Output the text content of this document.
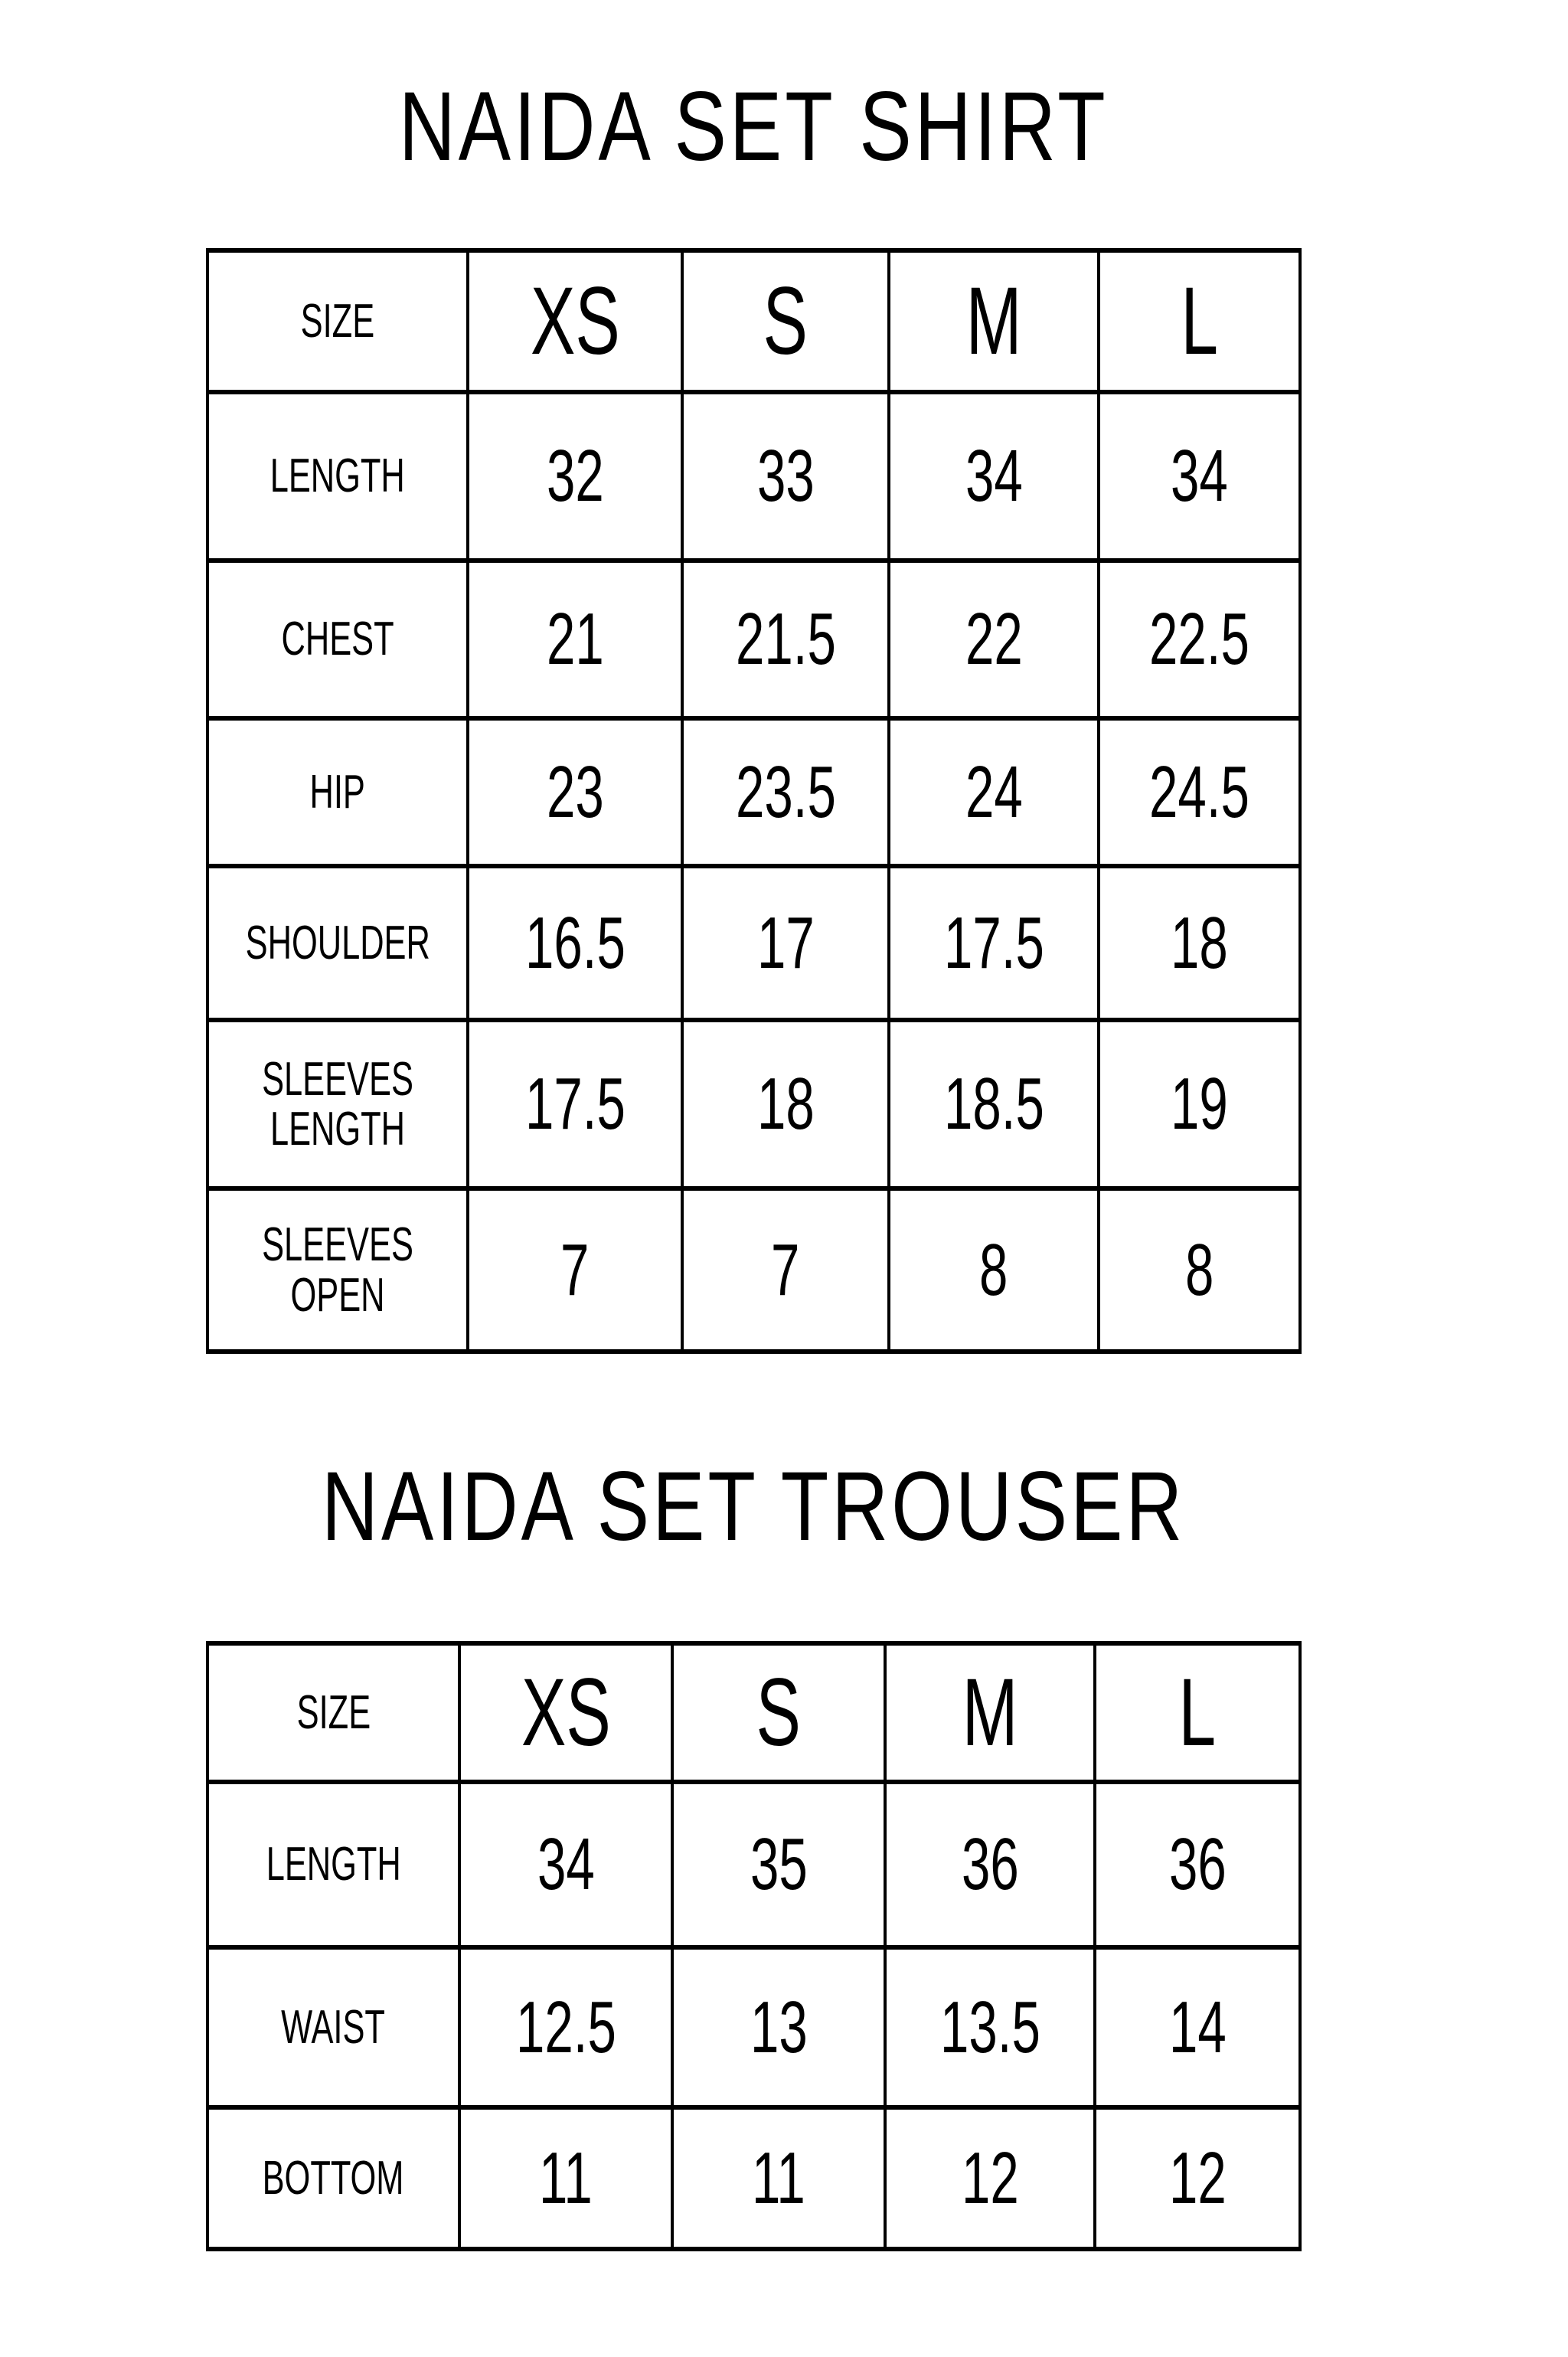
NAIDA SET SHIRT
SIZE XS S M L
LENGTH 32 33 34 34
CHEST 21 21.5 22 22.5
HIP 23 23.5 24 24.5
SHOULDER 16.5 17 17.5 18
SLEEVES LENGTH	17.5 18 18.5 19
SLEEVES OPEN	7 7 8 8
NAIDA SET TROUSER
SIZE XS S M L
LENGTH 34 35 36 36
WAIST 12.5 13 13.5 14
BOTTOM 11 11 12 12
